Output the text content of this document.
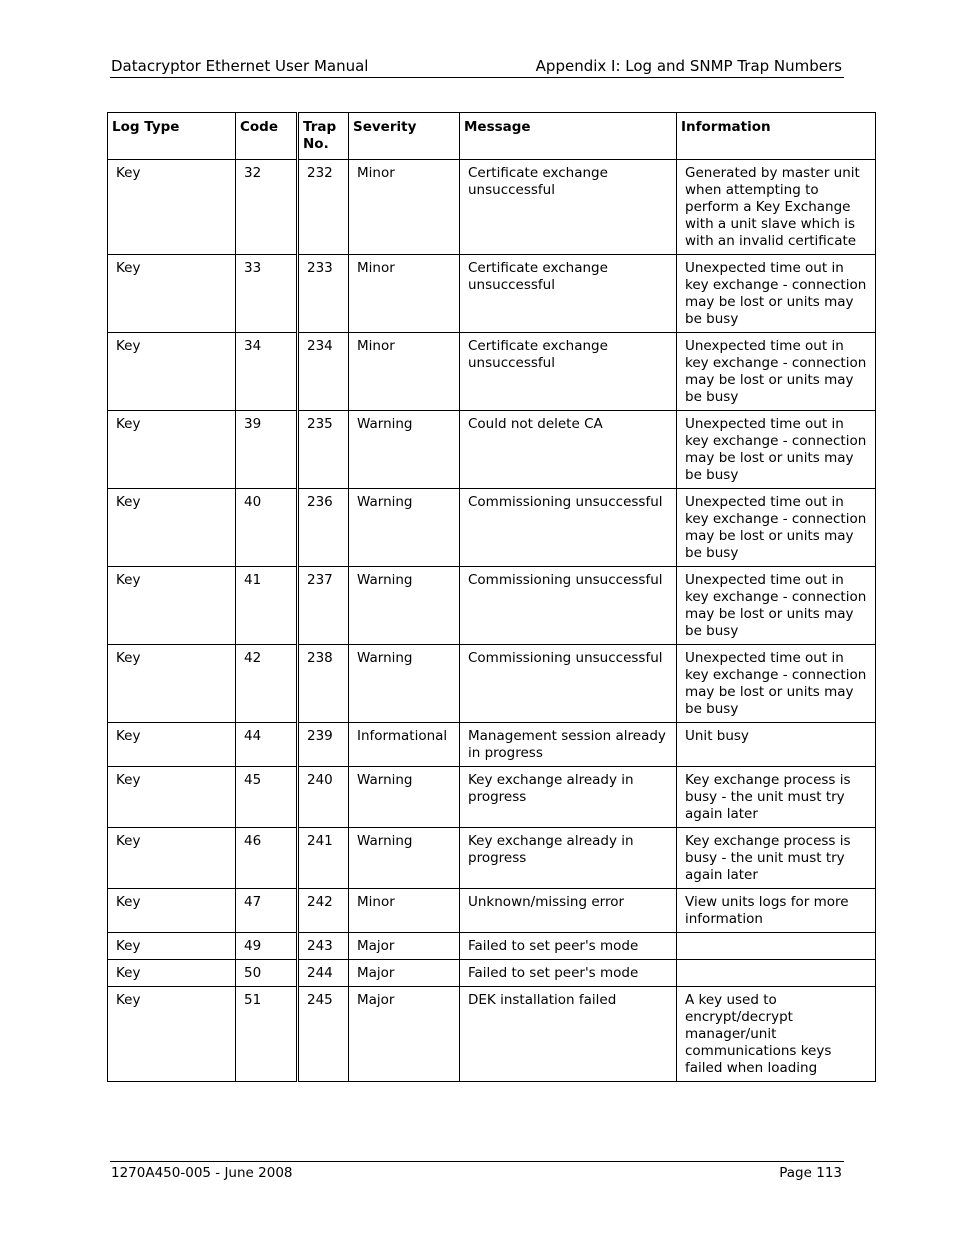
Datacryptor Ethernet User Manual	Appendix I: Log and SNMP Trap Numbers
Log Type	Code	Trap No.	Severity	Message	Information
Key	32	232	Minor	Certificate exchange unsuccessful	Generated by master unit when attempting to perform a Key Exchange with a unit slave which is with an invalid certificate
Key	33	233	Minor	Certificate exchange unsuccessful	Unexpected time out in key exchange - connection may be lost or units may be busy
Key	34	234	Minor	Certificate exchange unsuccessful	Unexpected time out in key exchange - connection may be lost or units may be busy
Key	39	235	Warning	Could not delete CA	Unexpected time out in key exchange - connection may be lost or units may be busy
Key	40	236	Warning	Commissioning unsuccessful	Unexpected time out in key exchange - connection may be lost or units may be busy
Key	41	237	Warning	Commissioning unsuccessful	Unexpected time out in key exchange - connection may be lost or units may be busy
Key	42	238	Warning	Commissioning unsuccessful	Unexpected time out in key exchange - connection may be lost or units may be busy
Key	44	239	Informational	Management session already in progress	Unit busy
Key	45	240	Warning	Key exchange already in progress	Key exchange process is busy - the unit must try again later
Key	46	241	Warning	Key exchange already in progress	Key exchange process is busy - the unit must try again later
Key	47	242	Minor	Unknown/missing error	View units logs for more information
Key	49	243	Major	Failed to set peer's mode	
Key	50	244	Major	Failed to set peer's mode	
Key	51	245	Major	DEK installation failed	A key used to encrypt/decrypt manager/unit communications keys failed when loading
1270A450-005 - June 2008	Page 113
